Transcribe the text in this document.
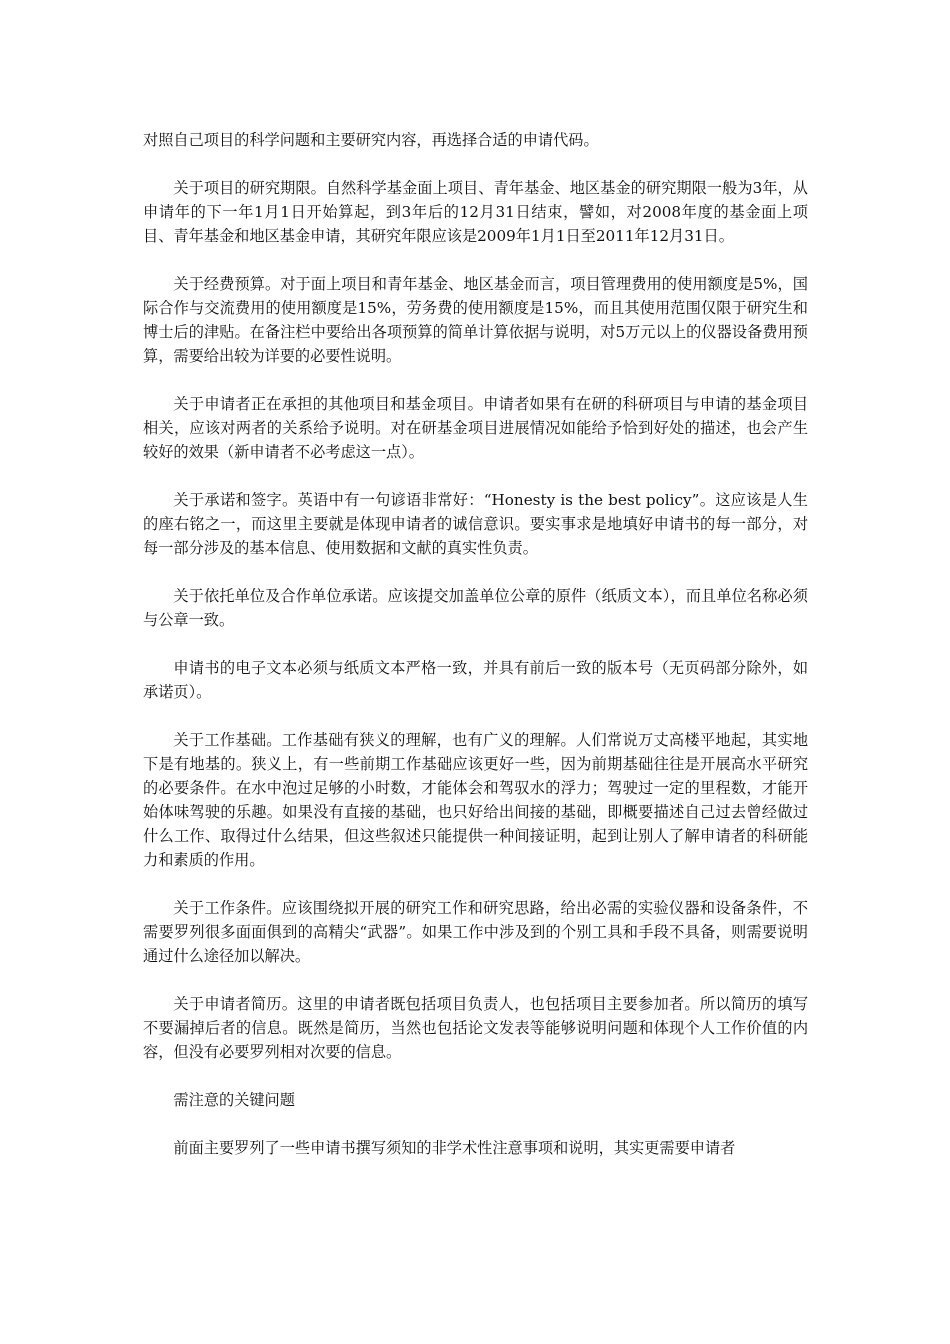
对照自己项目的科学问题和主要研究内容，再选择合适的申请代码。

关于项目的研究期限。自然科学基金面上项目、青年基金、地区基金的研究期限一般为3年，从申请年的下一年1月1日开始算起，到3年后的12月31日结束，譬如，对2008年度的基金面上项目、青年基金和地区基金申请，其研究年限应该是2009年1月1日至2011年12月31日。

关于经费预算。对于面上项目和青年基金、地区基金而言，项目管理费用的使用额度是5%，国际合作与交流费用的使用额度是15%，劳务费的使用额度是15%，而且其使用范围仅限于研究生和博士后的津贴。在备注栏中要给出各项预算的简单计算依据与说明，对5万元以上的仪器设备费用预算，需要给出较为详要的必要性说明。

关于申请者正在承担的其他项目和基金项目。申请者如果有在研的科研项目与申请的基金项目相关，应该对两者的关系给予说明。对在研基金项目进展情况如能给予恰到好处的描述，也会产生较好的效果（新申请者不必考虑这一点）。

关于承诺和签字。英语中有一句谚语非常好：“Honesty is the best policy”。这应该是人生的座右铭之一，而这里主要就是体现申请者的诚信意识。要实事求是地填好申请书的每一部分，对每一部分涉及的基本信息、使用数据和文献的真实性负责。

关于依托单位及合作单位承诺。应该提交加盖单位公章的原件（纸质文本），而且单位名称必须与公章一致。

申请书的电子文本必须与纸质文本严格一致，并具有前后一致的版本号（无页码部分除外，如承诺页）。

关于工作基础。工作基础有狭义的理解，也有广义的理解。人们常说万丈高楼平地起，其实地下是有地基的。狭义上，有一些前期工作基础应该更好一些，因为前期基础往往是开展高水平研究的必要条件。在水中泡过足够的小时数，才能体会和驾驭水的浮力；驾驶过一定的里程数，才能开始体味驾驶的乐趣。如果没有直接的基础，也只好给出间接的基础，即概要描述自己过去曾经做过什么工作、取得过什么结果，但这些叙述只能提供一种间接证明，起到让别人了解申请者的科研能力和素质的作用。

关于工作条件。应该围绕拟开展的研究工作和研究思路，给出必需的实验仪器和设备条件，不需要罗列很多面面俱到的高精尖“武器”。如果工作中涉及到的个别工具和手段不具备，则需要说明通过什么途径加以解决。

关于申请者简历。这里的申请者既包括项目负责人，也包括项目主要参加者。所以简历的填写不要漏掉后者的信息。既然是简历，当然也包括论文发表等能够说明问题和体现个人工作价值的内容，但没有必要罗列相对次要的信息。

需注意的关键问题

前面主要罗列了一些申请书撰写须知的非学术性注意事项和说明，其实更需要申请者
